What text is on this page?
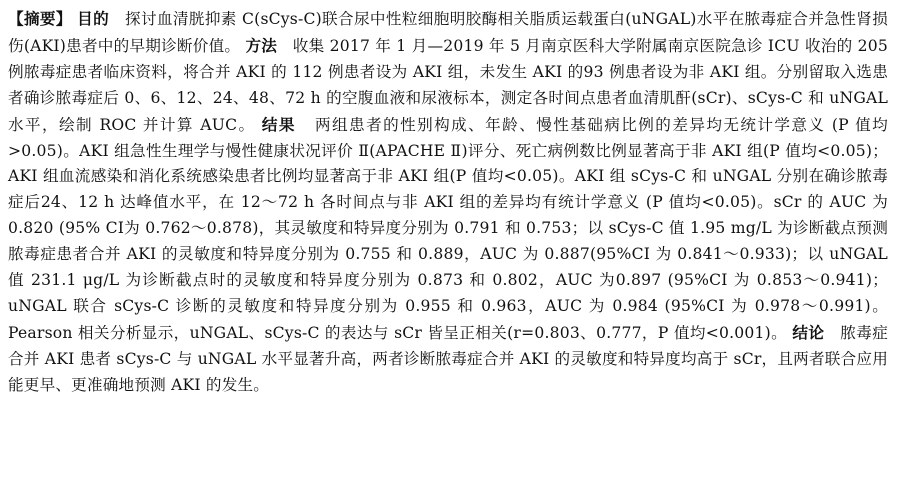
【摘要】 目的 探讨血清胱抑素 C(sCys-C)联合尿中性粒细胞明胶酶相关脂质运载蛋白(uNGAL)水平在脓毒症合并急性肾损伤(AKI)患者中的早期诊断价值。 方法 收集 2017 年 1 月—2019 年 5 月南京医科大学附属南京医院急诊 ICU 收治的 205 例脓毒症患者临床资料，将合并 AKI 的 112 例患者设为 AKI 组，未发生 AKI 的93 例患者设为非 AKI 组。分别留取入选患者确诊脓毒症后 0、6、12、24、48、72 h 的空腹血液和尿液标本，测定各时间点患者血清肌酐(sCr)、sCys-C 和 uNGAL 水平，绘制 ROC 并计算 AUC。 结果 两组患者的性别构成、年龄、慢性基础病比例的差异均无统计学意义 (P 值均>0.05)。AKI 组急性生理学与慢性健康状况评价 Ⅱ(APACHE Ⅱ)评分、死亡病例数比例显著高于非 AKI 组(P 值均<0.05)；AKI 组血流感染和消化系统感染患者比例均显著高于非 AKI 组(P 值均<0.05)。AKI 组 sCys-C 和 uNGAL 分别在确诊脓毒症后24、12 h 达峰值水平，在 12～72 h 各时间点与非 AKI 组的差异均有统计学意义 (P 值均<0.05)。sCr 的 AUC 为 0.820 (95% CI为 0.762～0.878)，其灵敏度和特异度分别为 0.791 和 0.753；以 sCys-C 值 1.95 mg/L 为诊断截点预测脓毒症患者合并 AKI 的灵敏度和特异度分别为 0.755 和 0.889，AUC 为 0.887(95%CI 为 0.841～0.933)；以 uNGAL 值 231.1 μg/L 为诊断截点时的灵敏度和特异度分别为 0.873 和 0.802，AUC 为0.897 (95%CI 为 0.853～0.941)；uNGAL 联合 sCys-C 诊断的灵敏度和特异度分别为 0.955 和 0.963，AUC 为 0.984 (95%CI 为 0.978～0.991)。Pearson 相关分析显示，uNGAL、sCys-C 的表达与 sCr 皆呈正相关(r=0.803、0.777，P 值均<0.001)。 结论 脓毒症合并 AKI 患者 sCys-C 与 uNGAL 水平显著升高，两者诊断脓毒症合并 AKI 的灵敏度和特异度均高于 sCr，且两者联合应用能更早、更准确地预测 AKI 的发生。
